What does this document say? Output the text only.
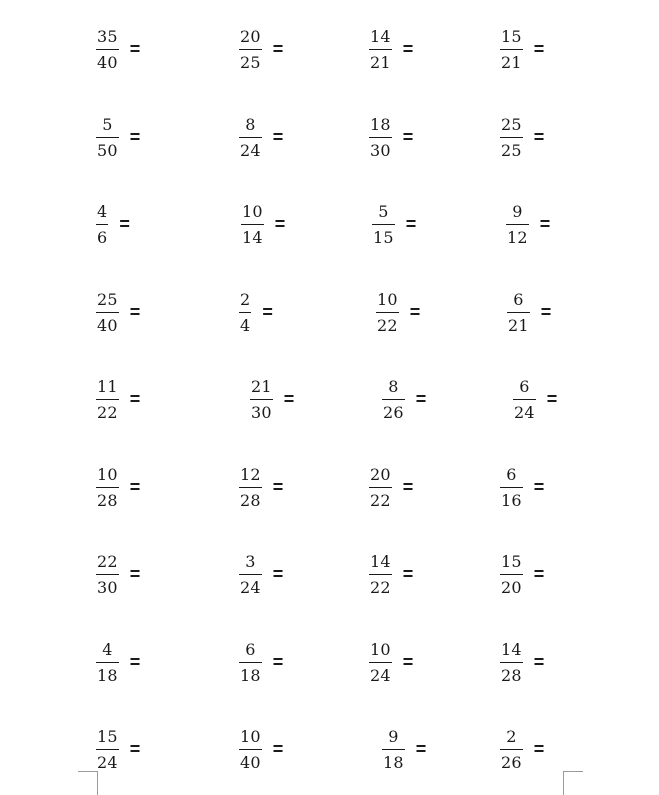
$\frac{35}{40}$ =	$\frac{20}{25}$ =	$\frac{14}{21}$ =	$\frac{15}{21}$ =
$\frac{5}{50}$ =	$\frac{8}{24}$ =	$\frac{18}{30}$ =	$\frac{25}{25}$ =
$\frac{4}{6}$ =	$\frac{10}{14}$ =	$\frac{5}{15}$ =	$\frac{9}{12}$ =
$\frac{25}{40}$ =	$\frac{2}{4}$ =	$\frac{10}{22}$ =	$\frac{6}{21}$ =
$\frac{11}{22}$ =	$\frac{21}{30}$ =	$\frac{8}{26}$ =	$\frac{6}{24}$ =
$\frac{10}{28}$ =	$\frac{12}{28}$ =	$\frac{20}{22}$ =	$\frac{6}{16}$ =
$\frac{22}{30}$ =	$\frac{3}{24}$ =	$\frac{14}{22}$ =	$\frac{15}{20}$ =
$\frac{4}{18}$ =	$\frac{6}{18}$ =	$\frac{10}{24}$ =	$\frac{14}{28}$ =
$\frac{15}{24}$ =	$\frac{10}{40}$ =	$\frac{9}{18}$ =	$\frac{2}{26}$ =
